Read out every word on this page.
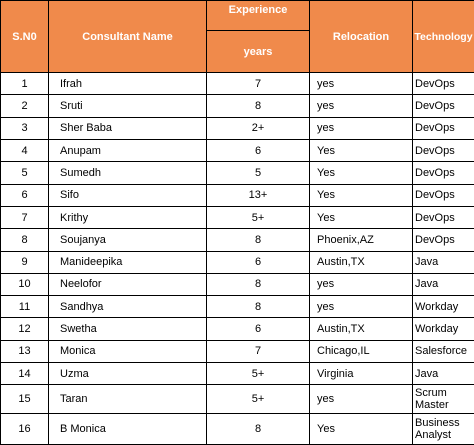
S.N0	Consultant Name	Experience	Relocation	Technology
		years		
1	Ifrah	7	yes	DevOps
2	Sruti	8	yes	DevOps
3	Sher Baba	2+	yes	DevOps
4	Anupam	6	Yes	DevOps
5	Sumedh	5	Yes	DevOps
6	Sifo	13+	Yes	DevOps
7	Krithy	5+	Yes	DevOps
8	Soujanya	8	Phoenix,AZ	DevOps
9	Manideepika	6	Austin,TX	Java
10	Neelofor	8	yes	Java
11	Sandhya	8	yes	Workday
12	Swetha	6	Austin,TX	Workday
13	Monica	7	Chicago,IL	Salesforce
14	Uzma	5+	Virginia	Java
15	Taran	5+	yes	Scrum Master
16	B Monica	8	Yes	Business Analyst
